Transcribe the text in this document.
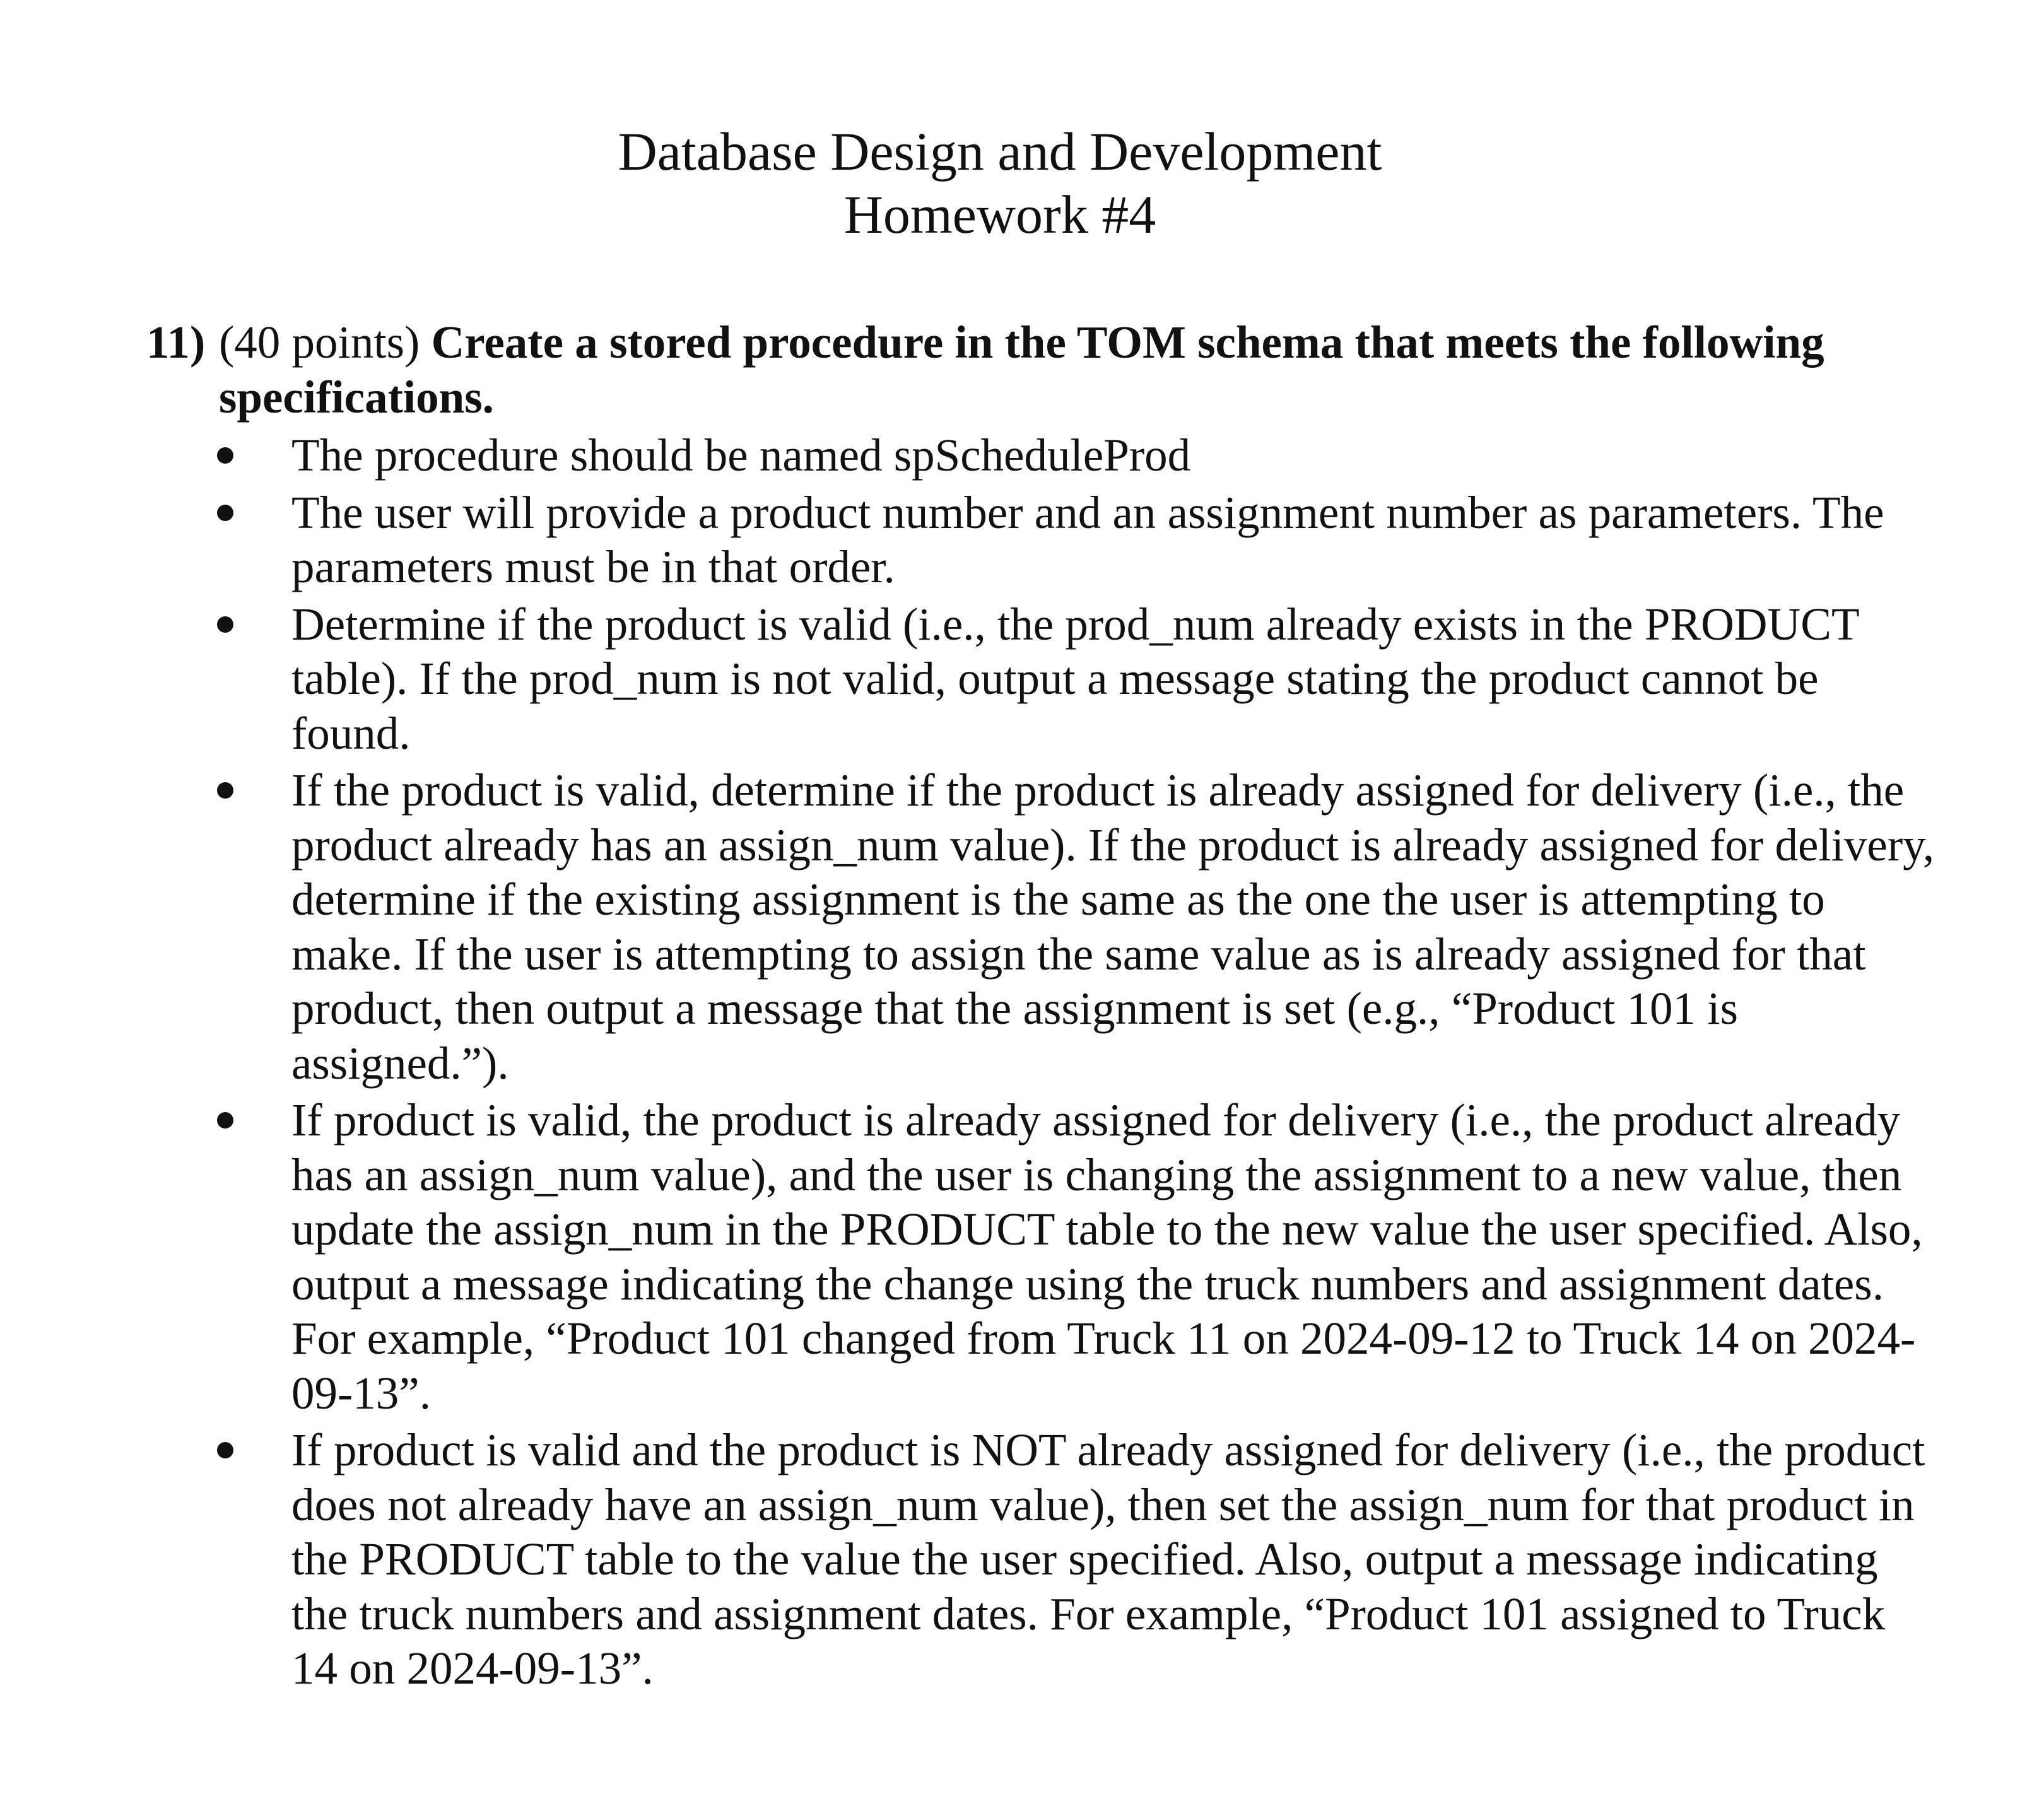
Database Design and Development
Homework #4

11) (40 points) Create a stored procedure in the TOM schema that meets the following specifications.

The procedure should be named spScheduleProd
The user will provide a product number and an assignment number as parameters. The parameters must be in that order.
Determine if the product is valid (i.e., the prod_num already exists in the PRODUCT table). If the prod_num is not valid, output a message stating the product cannot be found.
If the product is valid, determine if the product is already assigned for delivery (i.e., the product already has an assign_num value). If the product is already assigned for delivery, determine if the existing assignment is the same as the one the user is attempting to make. If the user is attempting to assign the same value as is already assigned for that product, then output a message that the assignment is set (e.g., “Product 101 is assigned.”).
If product is valid, the product is already assigned for delivery (i.e., the product already has an assign_num value), and the user is changing the assignment to a new value, then update the assign_num in the PRODUCT table to the new value the user specified. Also, output a message indicating the change using the truck numbers and assignment dates. For example, “Product 101 changed from Truck 11 on 2024-09-12 to Truck 14 on 2024-09-13”.
If product is valid and the product is NOT already assigned for delivery (i.e., the product does not already have an assign_num value), then set the assign_num for that product in the PRODUCT table to the value the user specified. Also, output a message indicating the truck numbers and assignment dates. For example, “Product 101 assigned to Truck 14 on 2024-09-13”.
